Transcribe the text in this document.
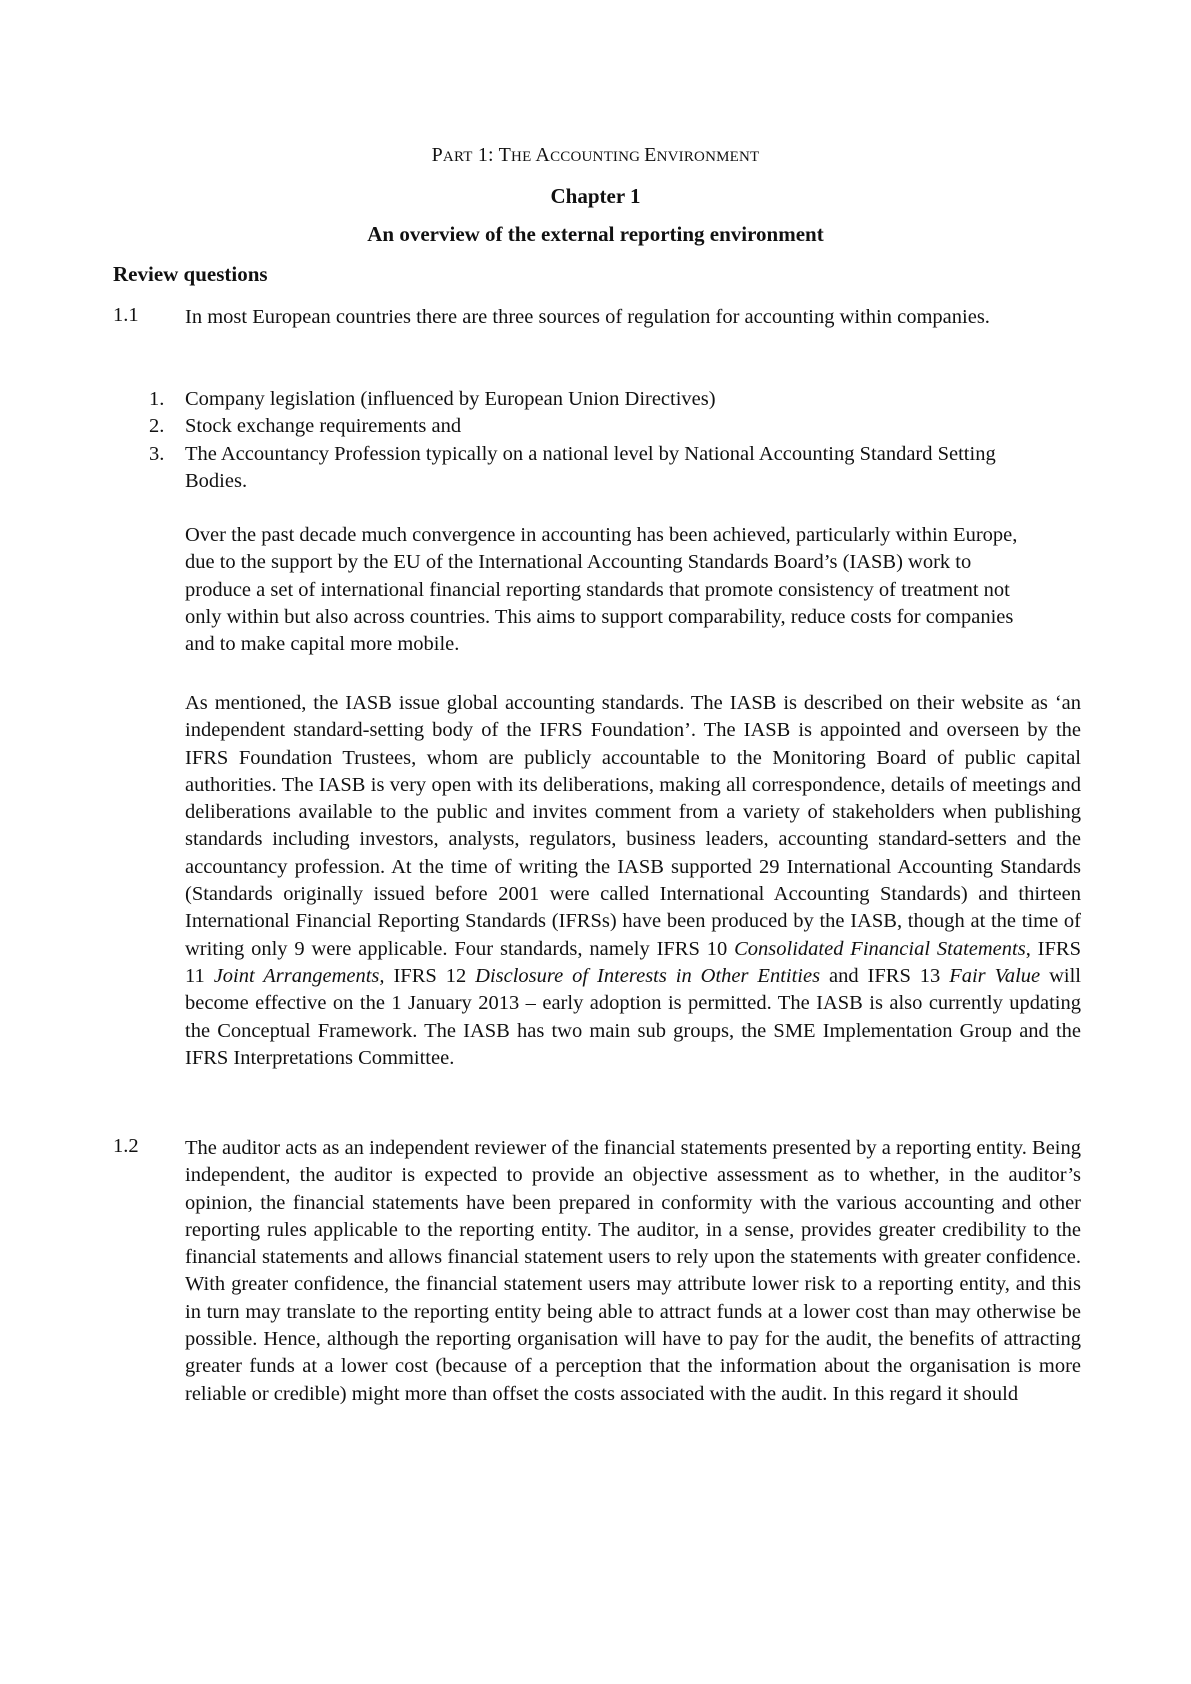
PART 1: THE ACCOUNTING ENVIRONMENT
Chapter 1
An overview of the external reporting environment
Review questions
1.1 In most European countries there are three sources of regulation for accounting within companies.
1. Company legislation (influenced by European Union Directives)
2. Stock exchange requirements and
3. The Accountancy Profession typically on a national level by National Accounting Standard Setting Bodies.
Over the past decade much convergence in accounting has been achieved, particularly within Europe, due to the support by the EU of the International Accounting Standards Board’s (IASB) work to produce a set of international financial reporting standards that promote consistency of treatment not only within but also across countries. This aims to support comparability, reduce costs for companies and to make capital more mobile.
As mentioned, the IASB issue global accounting standards. The IASB is described on their website as ‘an independent standard-setting body of the IFRS Foundation’. The IASB is appointed and overseen by the IFRS Foundation Trustees, whom are publicly accountable to the Monitoring Board of public capital authorities. The IASB is very open with its deliberations, making all correspondence, details of meetings and deliberations available to the public and invites comment from a variety of stakeholders when publishing standards including investors, analysts, regulators, business leaders, accounting standard-setters and the accountancy profession. At the time of writing the IASB supported 29 International Accounting Standards (Standards originally issued before 2001 were called International Accounting Standards) and thirteen International Financial Reporting Standards (IFRSs) have been produced by the IASB, though at the time of writing only 9 were applicable. Four standards, namely IFRS 10 Consolidated Financial Statements, IFRS 11 Joint Arrangements, IFRS 12 Disclosure of Interests in Other Entities and IFRS 13 Fair Value will become effective on the 1 January 2013 – early adoption is permitted. The IASB is also currently updating the Conceptual Framework. The IASB has two main sub groups, the SME Implementation Group and the IFRS Interpretations Committee.
1.2 The auditor acts as an independent reviewer of the financial statements presented by a reporting entity. Being independent, the auditor is expected to provide an objective assessment as to whether, in the auditor’s opinion, the financial statements have been prepared in conformity with the various accounting and other reporting rules applicable to the reporting entity. The auditor, in a sense, provides greater credibility to the financial statements and allows financial statement users to rely upon the statements with greater confidence. With greater confidence, the financial statement users may attribute lower risk to a reporting entity, and this in turn may translate to the reporting entity being able to attract funds at a lower cost than may otherwise be possible. Hence, although the reporting organisation will have to pay for the audit, the benefits of attracting greater funds at a lower cost (because of a perception that the information about the organisation is more reliable or credible) might more than offset the costs associated with the audit. In this regard it should
